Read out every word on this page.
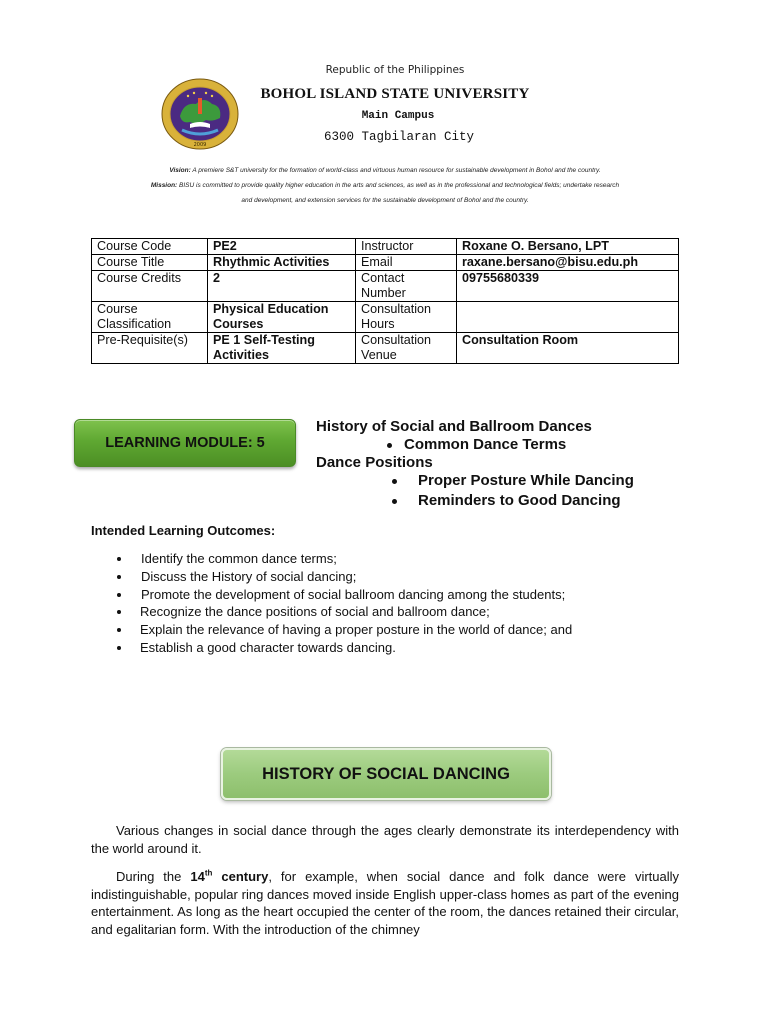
2009
Republic of the Philippines
BOHOL ISLAND STATE UNIVERSITY
Main Campus
6300 Tagbilaran City
Vision: A premiere S&T university for the formation of world-class and virtuous human resource for sustainable development in Bohol and the country.
Mission: BISU is committed to provide quality higher education in the arts and sciences, as well as in the professional and technological fields; undertake research
and development, and extension services for the sustainable development of Bohol and the country.
Course Code	PE2	Instructor	Roxane O. Bersano, LPT
Course Title	Rhythmic Activities	Email	raxane.bersano@bisu.edu.ph
Course Credits	2	Contact Number	09755680339
Course Classification	Physical Education Courses	Consultation Hours	
Pre-Requisite(s)	PE 1 Self-Testing Activities	Consultation Venue	Consultation Room
LEARNING MODULE: 5
History of Social and Ballroom Dances
Common Dance Terms
Dance Positions
Proper Posture While Dancing
Reminders to Good Dancing
Intended Learning Outcomes:
Identify the common dance terms;
Discuss the History of social dancing;
Promote the development of social ballroom dancing among the students;
Recognize the dance positions of social and ballroom dance;
Explain the relevance of having a proper posture in the world of dance; and
Establish a good character towards dancing.
HISTORY OF SOCIAL DANCING
Various changes in social dance through the ages clearly demonstrate its interdependency with the world around it.
During the 14th century, for example, when social dance and folk dance were virtually indistinguishable, popular ring dances moved inside English upper-class homes as part of the evening entertainment. As long as the heart occupied the center of the room, the dances retained their circular, and egalitarian form. With the introduction of the chimney
